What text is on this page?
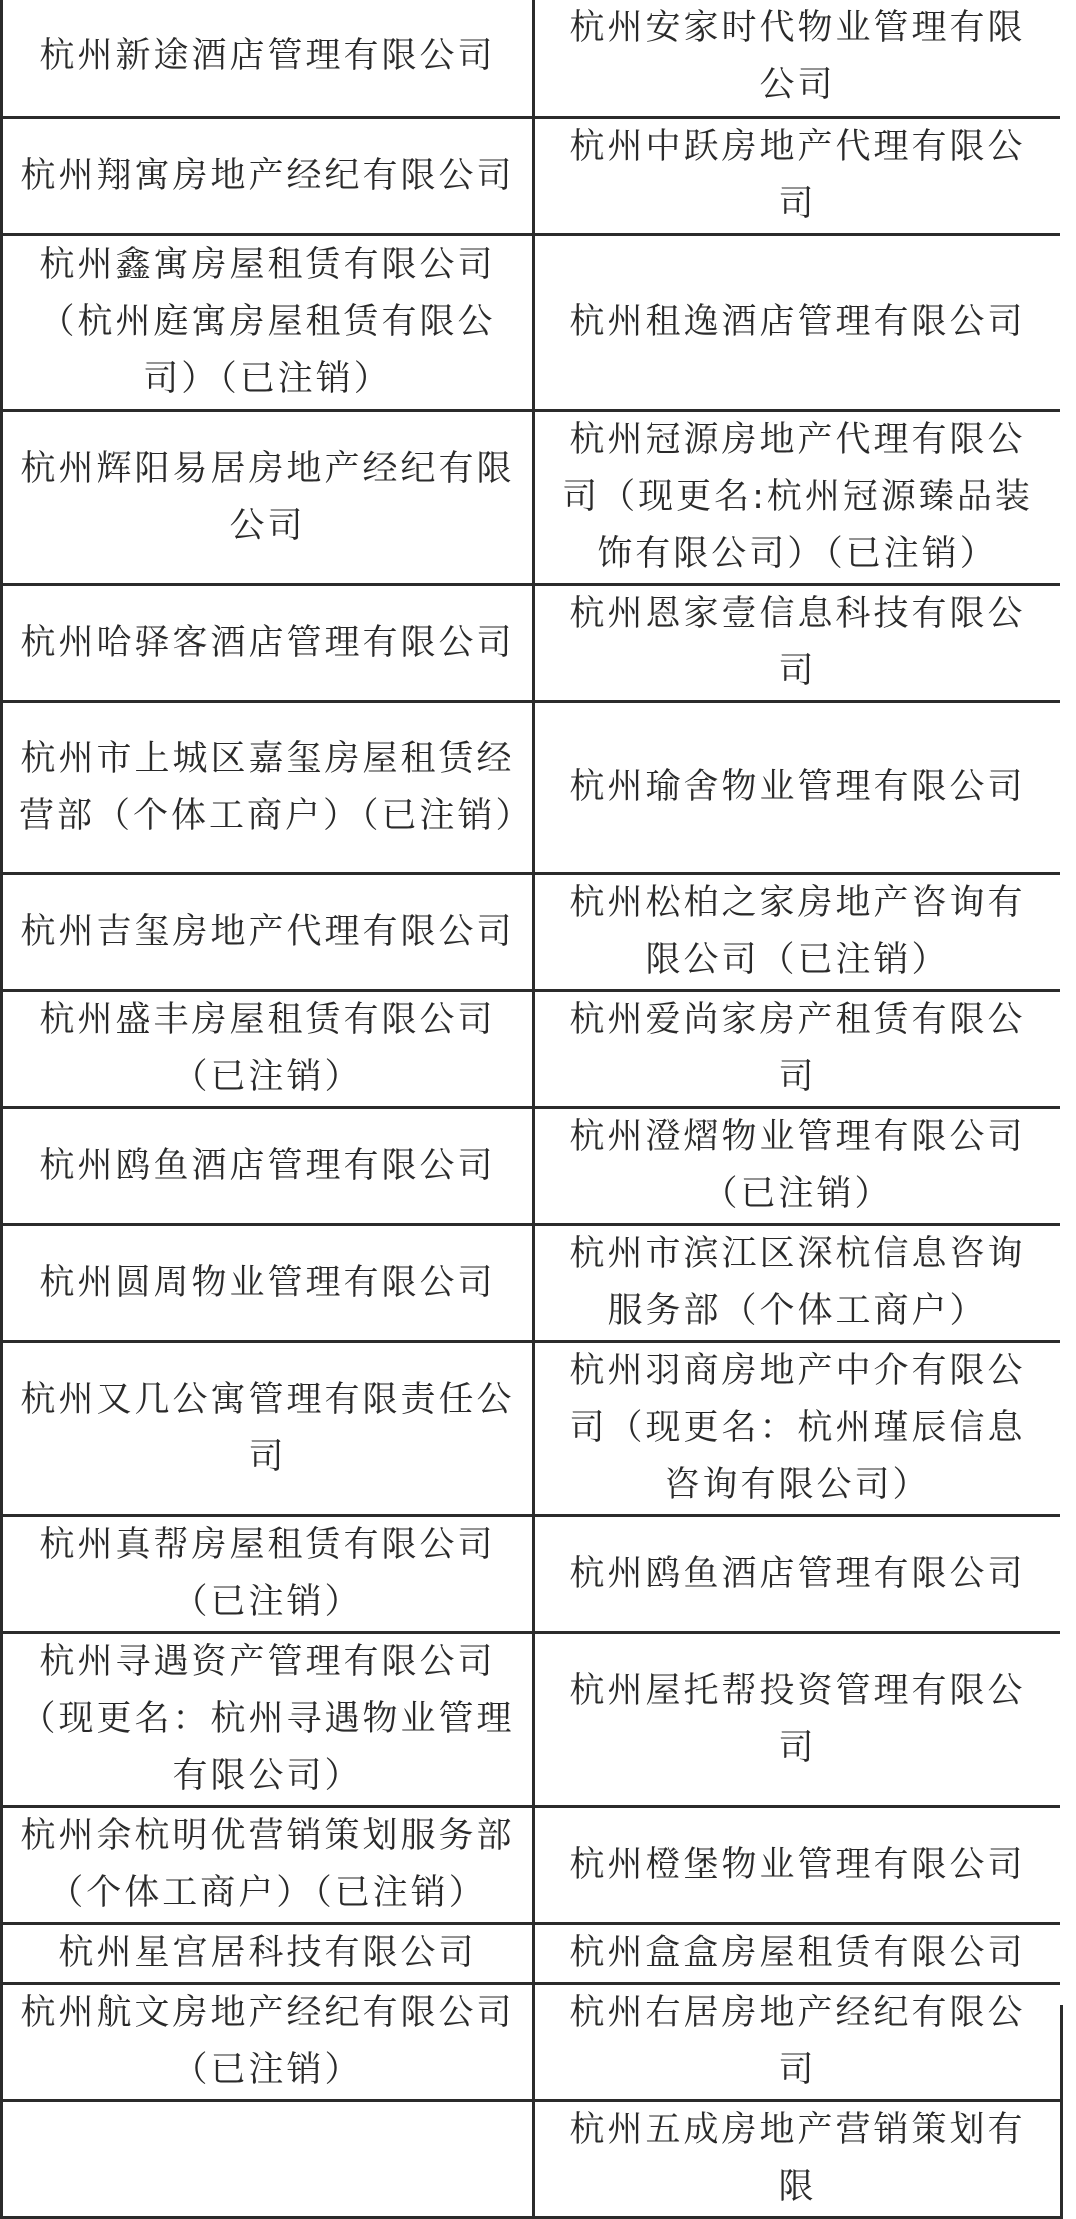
杭州新途酒店管理有限公司	杭州安家时代物业管理有限公司
杭州翔寓房地产经纪有限公司	杭州中跃房地产代理有限公司
杭州鑫寓房屋租赁有限公司（杭州庭寓房屋租赁有限公司）（已注销）	杭州租逸酒店管理有限公司
杭州辉阳易居房地产经纪有限公司	杭州冠源房地产代理有限公司（现更名:杭州冠源臻品装饰有限公司）（已注销）
杭州哈驿客酒店管理有限公司	杭州恩家壹信息科技有限公司
杭州市上城区嘉玺房屋租赁经营部（个体工商户）（已注销）	杭州瑜舍物业管理有限公司
杭州吉玺房地产代理有限公司	杭州松柏之家房地产咨询有限公司（已注销）
杭州盛丰房屋租赁有限公司（已注销）	杭州爱尚家房产租赁有限公司
杭州鸥鱼酒店管理有限公司	杭州澄熠物业管理有限公司（已注销）
杭州圆周物业管理有限公司	杭州市滨江区深杭信息咨询服务部（个体工商户）
杭州又几公寓管理有限责任公司	杭州羽商房地产中介有限公司（现更名：杭州瑾辰信息咨询有限公司）
杭州真帮房屋租赁有限公司（已注销）	杭州鸥鱼酒店管理有限公司
杭州寻遇资产管理有限公司 （现更名：杭州寻遇物业管理有限公司）	杭州屋托帮投资管理有限公司
杭州余杭明优营销策划服务部（个体工商户）（已注销）	杭州橙堡物业管理有限公司
杭州星宫居科技有限公司	杭州盒盒房屋租赁有限公司
杭州航文房地产经纪有限公司（已注销）	杭州右居房地产经纪有限公司
	杭州五成房地产营销策划有限
